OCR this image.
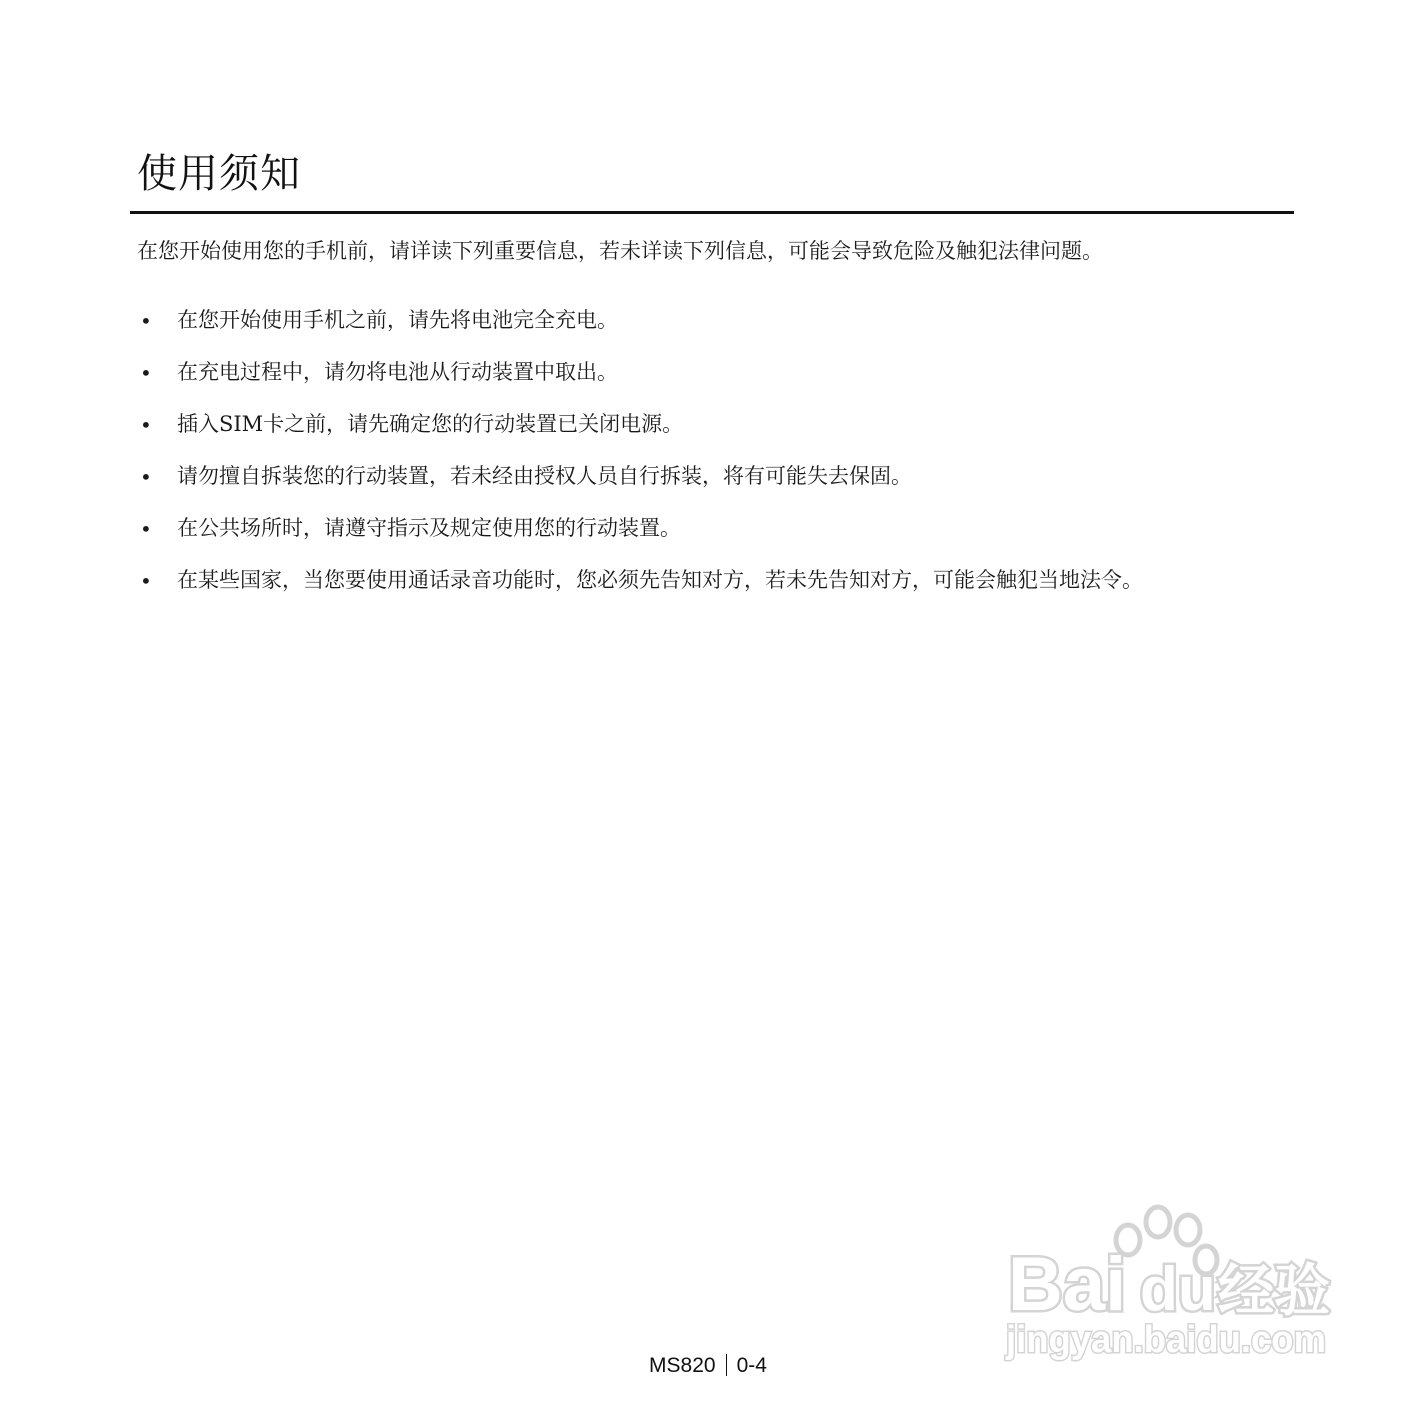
使用须知

在您开始使用您的手机前，请详读下列重要信息，若未详读下列信息，可能会导致危险及触犯法律问题。

• 在您开始使用手机之前，请先将电池完全充电。
• 在充电过程中，请勿将电池从行动装置中取出。
• 插入SIM卡之前，请先确定您的行动装置已关闭电源。
• 请勿擅自拆装您的行动装置，若未经由授权人员自行拆装，将有可能失去保固。
• 在公共场所时，请遵守指示及规定使用您的行动装置。
• 在某些国家，当您要使用通话录音功能时，您必须先告知对方，若未先告知对方，可能会触犯当地法令。
MS820 0-4
Bai du 经验
jingyan.baidu.com
